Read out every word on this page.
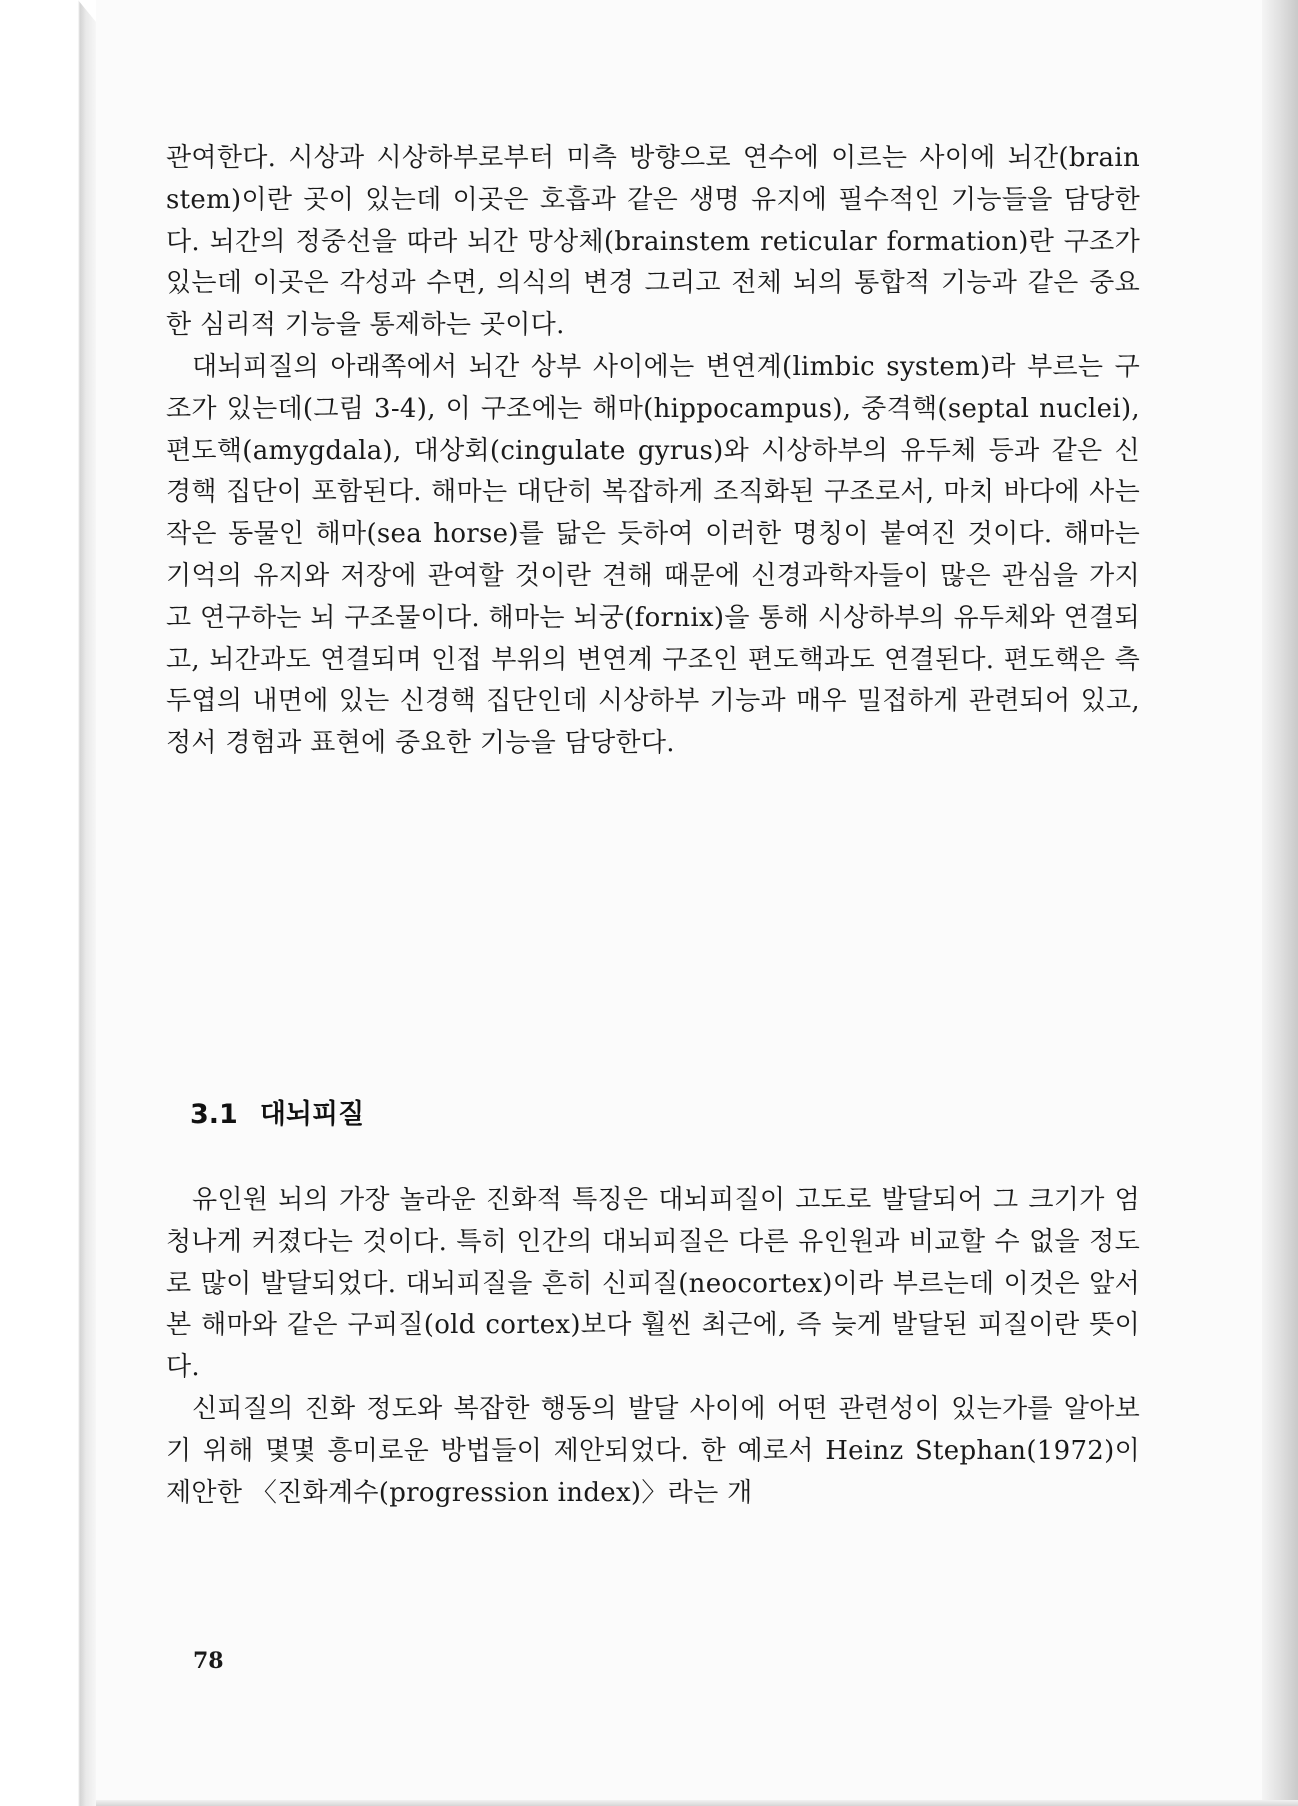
관여한다. 시상과 시상하부로부터 미측 방향으로 연수에 이르는 사이에 뇌간(brain stem)이란 곳이 있는데 이곳은 호흡과 같은 생명 유지에 필수적인 기능들을 담당한다. 뇌간의 정중선을 따라 뇌간 망상체(brainstem reticular formation)란 구조가 있는데 이곳은 각성과 수면, 의식의 변경 그리고 전체 뇌의 통합적 기능과 같은 중요한 심리적 기능을 통제하는 곳이다.

대뇌피질의 아래쪽에서 뇌간 상부 사이에는 변연계(limbic system)라 부르는 구조가 있는데(그림 3-4), 이 구조에는 해마(hippocampus), 중격핵(septal nuclei), 편도핵(amygdala), 대상회(cingulate gyrus)와 시상하부의 유두체 등과 같은 신경핵 집단이 포함된다. 해마는 대단히 복잡하게 조직화된 구조로서, 마치 바다에 사는 작은 동물인 해마(sea horse)를 닮은 듯하여 이러한 명칭이 붙여진 것이다. 해마는 기억의 유지와 저장에 관여할 것이란 견해 때문에 신경과학자들이 많은 관심을 가지고 연구하는 뇌 구조물이다. 해마는 뇌궁(fornix)을 통해 시상하부의 유두체와 연결되고, 뇌간과도 연결되며 인접 부위의 변연계 구조인 편도핵과도 연결된다. 편도핵은 측두엽의 내면에 있는 신경핵 집단인데 시상하부 기능과 매우 밀접하게 관련되어 있고, 정서 경험과 표현에 중요한 기능을 담당한다.

3.1 대뇌피질

유인원 뇌의 가장 놀라운 진화적 특징은 대뇌피질이 고도로 발달되어 그 크기가 엄청나게 커졌다는 것이다. 특히 인간의 대뇌피질은 다른 유인원과 비교할 수 없을 정도로 많이 발달되었다. 대뇌피질을 흔히 신피질(neocortex)이라 부르는데 이것은 앞서 본 해마와 같은 구피질(old cortex)보다 훨씬 최근에, 즉 늦게 발달된 피질이란 뜻이다.

신피질의 진화 정도와 복잡한 행동의 발달 사이에 어떤 관련성이 있는가를 알아보기 위해 몇몇 흥미로운 방법들이 제안되었다. 한 예로서 Heinz Stephan(1972)이 제안한 〈진화계수(progression index)〉라는 개

78
